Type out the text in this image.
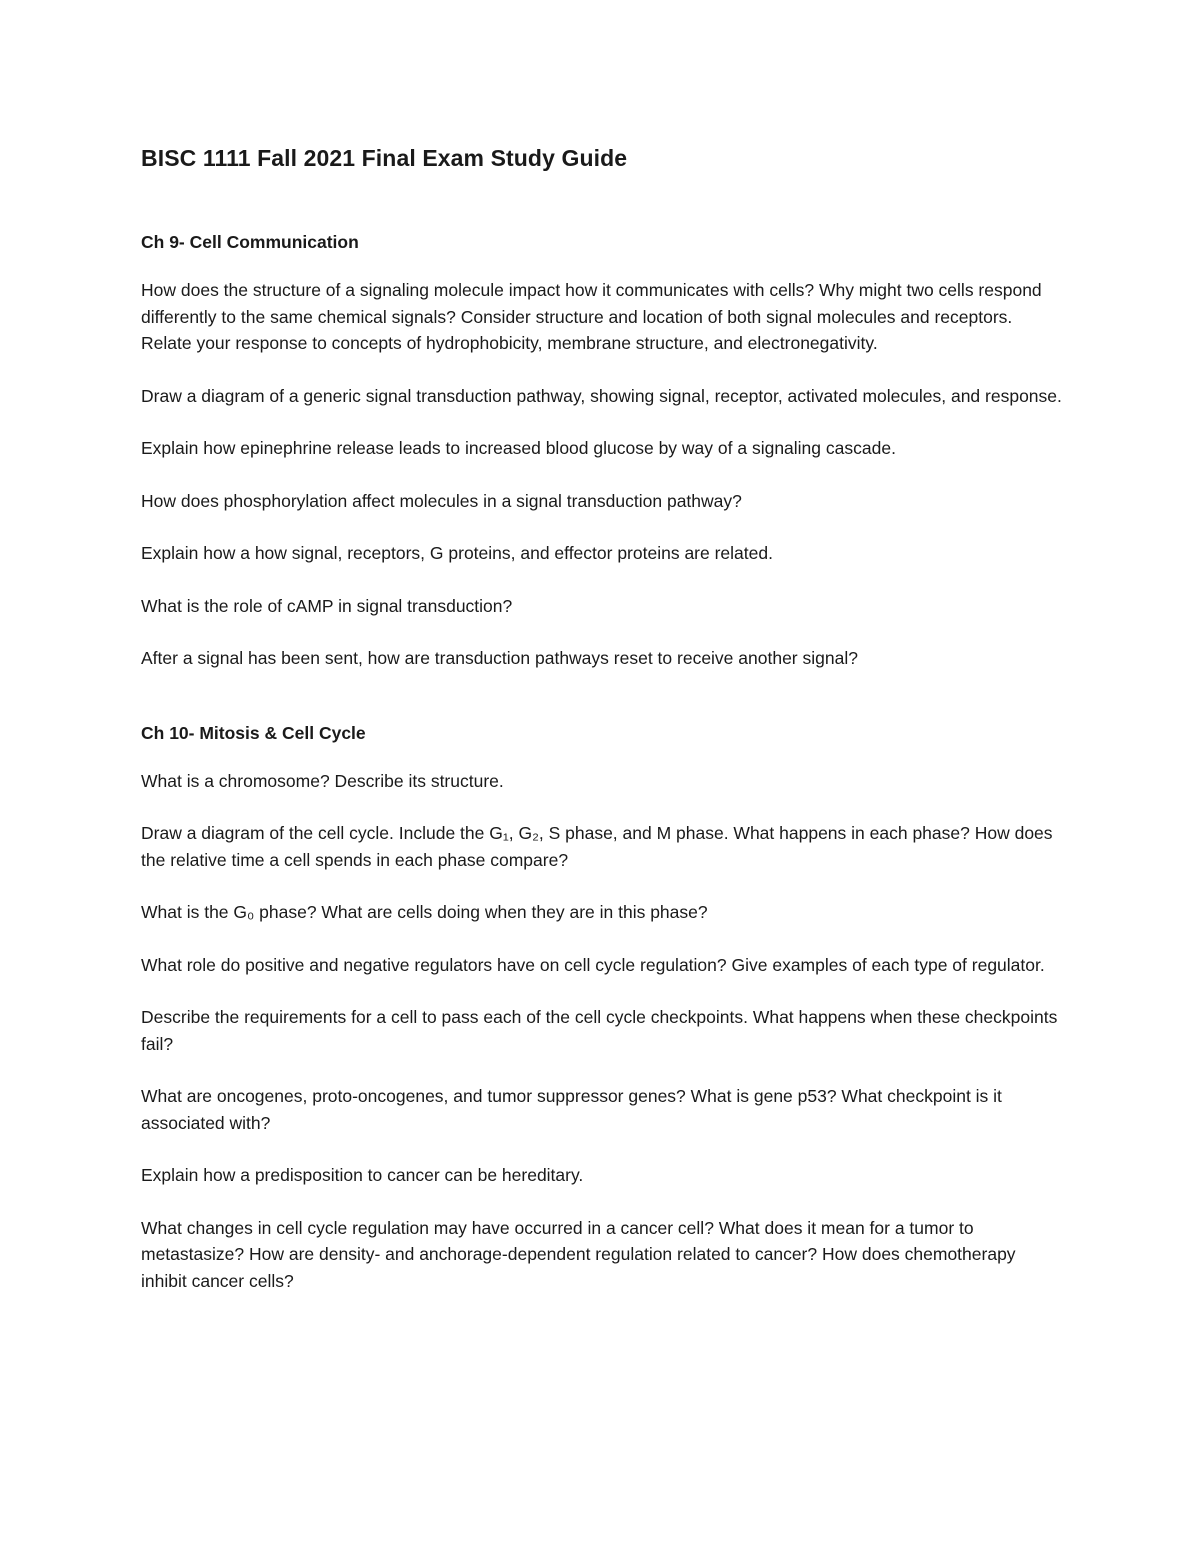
BISC 1111 Fall 2021 Final Exam Study Guide
Ch 9- Cell Communication

How does the structure of a signaling molecule impact how it communicates with cells? Why might two cells respond differently to the same chemical signals? Consider structure and location of both signal molecules and receptors. Relate your response to concepts of hydrophobicity, membrane structure, and electronegativity.

Draw a diagram of a generic signal transduction pathway, showing signal, receptor, activated molecules, and response.

Explain how epinephrine release leads to increased blood glucose by way of a signaling cascade.

How does phosphorylation affect molecules in a signal transduction pathway?

Explain how a how signal, receptors, G proteins, and effector proteins are related.

What is the role of cAMP in signal transduction?

After a signal has been sent, how are transduction pathways reset to receive another signal?

Ch 10- Mitosis & Cell Cycle

What is a chromosome? Describe its structure.

Draw a diagram of the cell cycle. Include the G₁, G₂, S phase, and M phase. What happens in each phase? How does the relative time a cell spends in each phase compare?

What is the G₀ phase? What are cells doing when they are in this phase?

What role do positive and negative regulators have on cell cycle regulation? Give examples of each type of regulator.

Describe the requirements for a cell to pass each of the cell cycle checkpoints. What happens when these checkpoints fail?

What are oncogenes, proto-oncogenes, and tumor suppressor genes? What is gene p53? What checkpoint is it associated with?

Explain how a predisposition to cancer can be hereditary.

What changes in cell cycle regulation may have occurred in a cancer cell? What does it mean for a tumor to metastasize? How are density- and anchorage-dependent regulation related to cancer? How does chemotherapy inhibit cancer cells?
